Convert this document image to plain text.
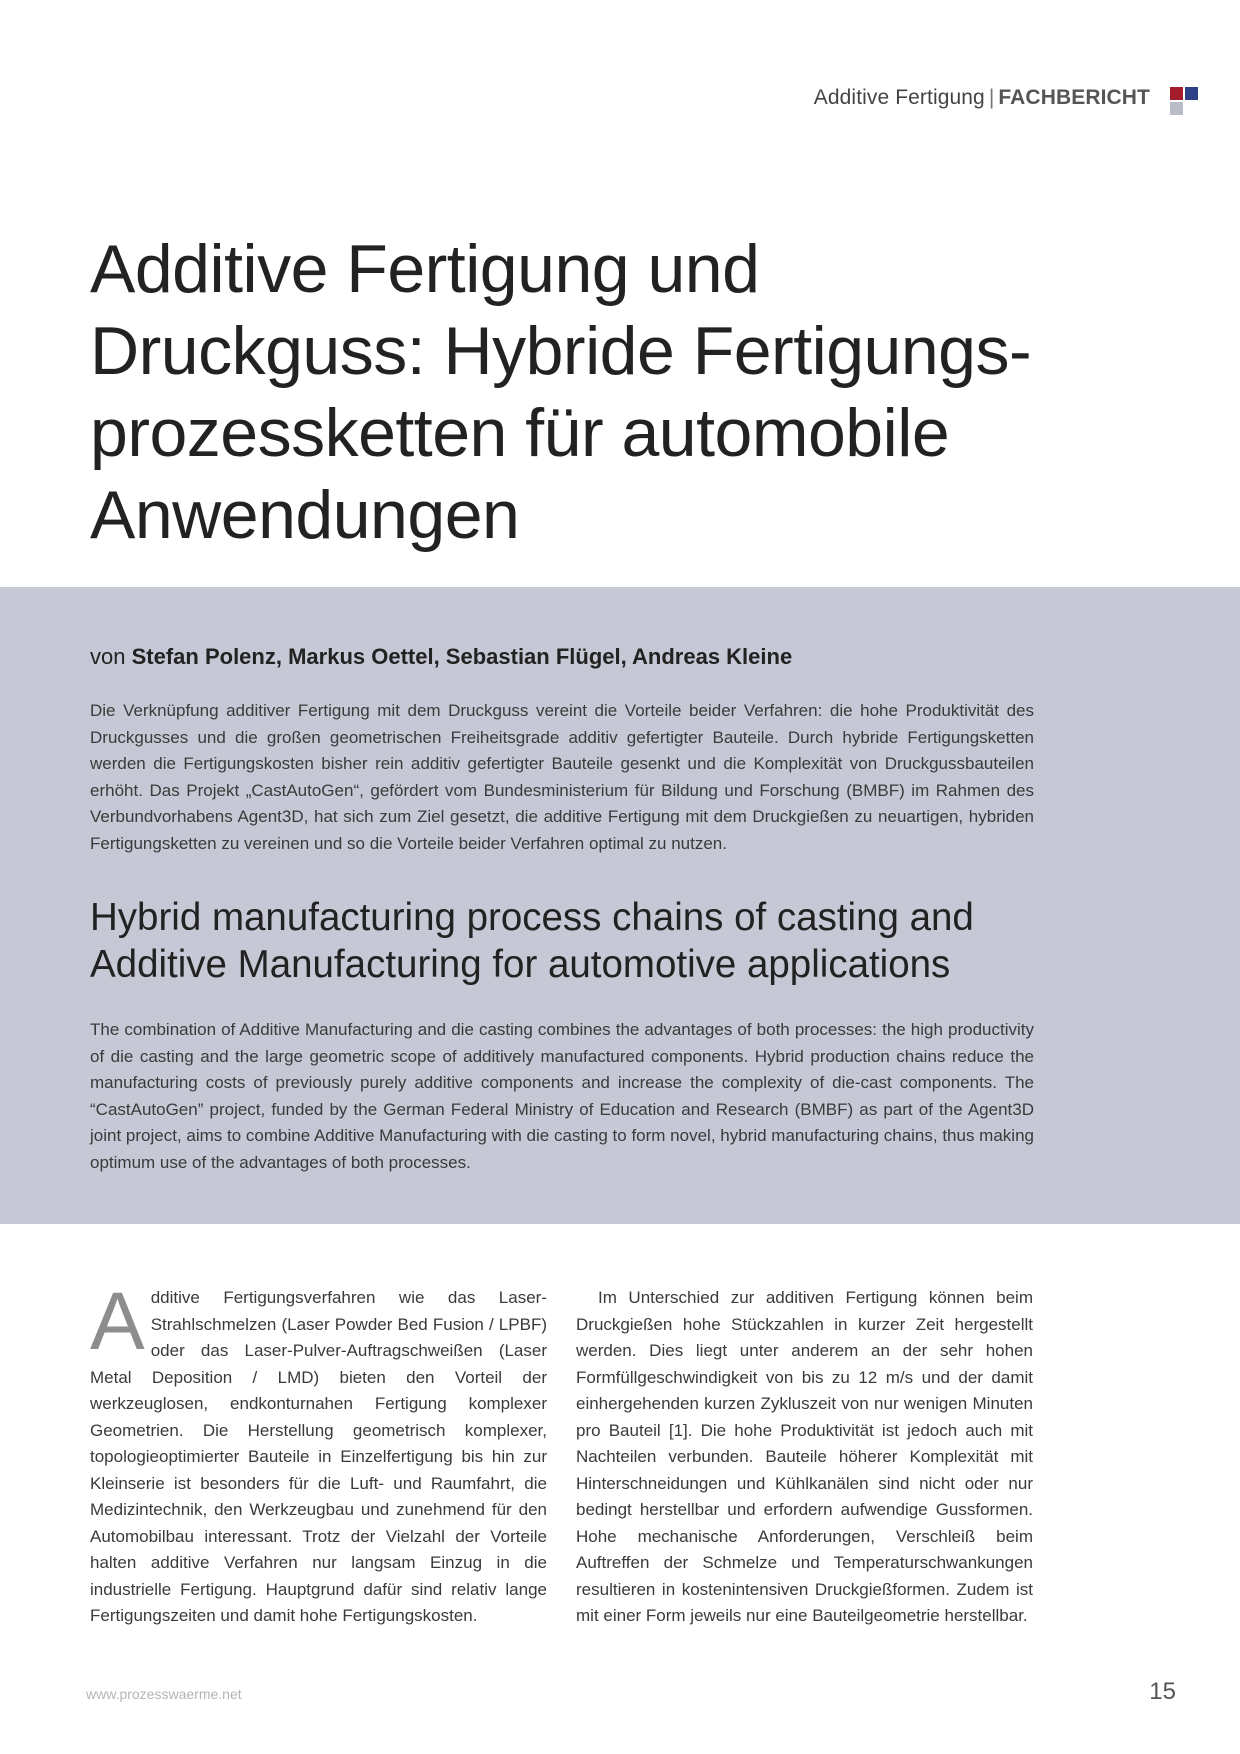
Additive Fertigung | FACHBERICHT
Additive Fertigung und
Druckguss: Hybride Fertigungs-
prozessketten für automobile
Anwendungen
von Stefan Polenz, Markus Oettel, Sebastian Flügel, Andreas Kleine

Die Verknüpfung additiver Fertigung mit dem Druckguss vereint die Vorteile beider Verfahren: die hohe Produktivität des Druckgusses und die großen geometrischen Freiheitsgrade additiv gefertigter Bauteile. Durch hybride Fertigungsketten werden die Fertigungskosten bisher rein additiv gefertigter Bauteile gesenkt und die Komplexität von Druckgussbauteilen erhöht. Das Projekt „CastAutoGen“, gefördert vom Bundesministerium für Bildung und Forschung (BMBF) im Rahmen des Verbundvorhabens Agent3D, hat sich zum Ziel gesetzt, die additive Fertigung mit dem Druckgießen zu neuartigen, hybriden Fertigungsketten zu vereinen und so die Vorteile beider Verfahren optimal zu nutzen.

Hybrid manufacturing process chains of casting and
Additive Manufacturing for automotive applications

The combination of Additive Manufacturing and die casting combines the advantages of both processes: the high productivity of die casting and the large geometric scope of additively manufactured components. Hybrid production chains reduce the manufacturing costs of previously purely additive components and increase the complexity of die-cast components. The “CastAutoGen” project, funded by the German Federal Ministry of Education and Research (BMBF) as part of the Agent3D joint project, aims to combine Additive Manufacturing with die casting to form novel, hybrid manufacturing chains, thus making optimum use of the advantages of both processes.

Additive Fertigungsverfahren wie das Laser-Strahlschmelzen (Laser Powder Bed Fusion / LPBF) oder das Laser-Pulver-Auftragschweißen (Laser Metal Deposition / LMD) bieten den Vorteil der werkzeuglosen, endkonturnahen Fertigung komplexer Geometrien. Die Herstellung geometrisch komplexer, topologieoptimierter Bauteile in Einzelfertigung bis hin zur Kleinserie ist besonders für die Luft- und Raumfahrt, die Medizintechnik, den Werkzeugbau und zunehmend für den Automobilbau interessant. Trotz der Vielzahl der Vorteile halten additive Verfahren nur langsam Einzug in die industrielle Fertigung. Hauptgrund dafür sind relativ lange Fertigungszeiten und damit hohe Fertigungskosten.

Im Unterschied zur additiven Fertigung können beim Druckgießen hohe Stückzahlen in kurzer Zeit hergestellt werden. Dies liegt unter anderem an der sehr hohen Formfüllgeschwindigkeit von bis zu 12 m/s und der damit einhergehenden kurzen Zykluszeit von nur wenigen Minuten pro Bauteil [1]. Die hohe Produktivität ist jedoch auch mit Nachteilen verbunden. Bauteile höherer Komplexität mit Hinterschneidungen und Kühlkanälen sind nicht oder nur bedingt herstellbar und erfordern aufwendige Gussformen. Hohe mechanische Anforderungen, Verschleiß beim Auftreffen der Schmelze und Temperaturschwankungen resultieren in kostenintensiven Druckgießformen. Zudem ist mit einer Form jeweils nur eine Bauteilgeometrie herstellbar.

www.prozesswaerme.net	15
